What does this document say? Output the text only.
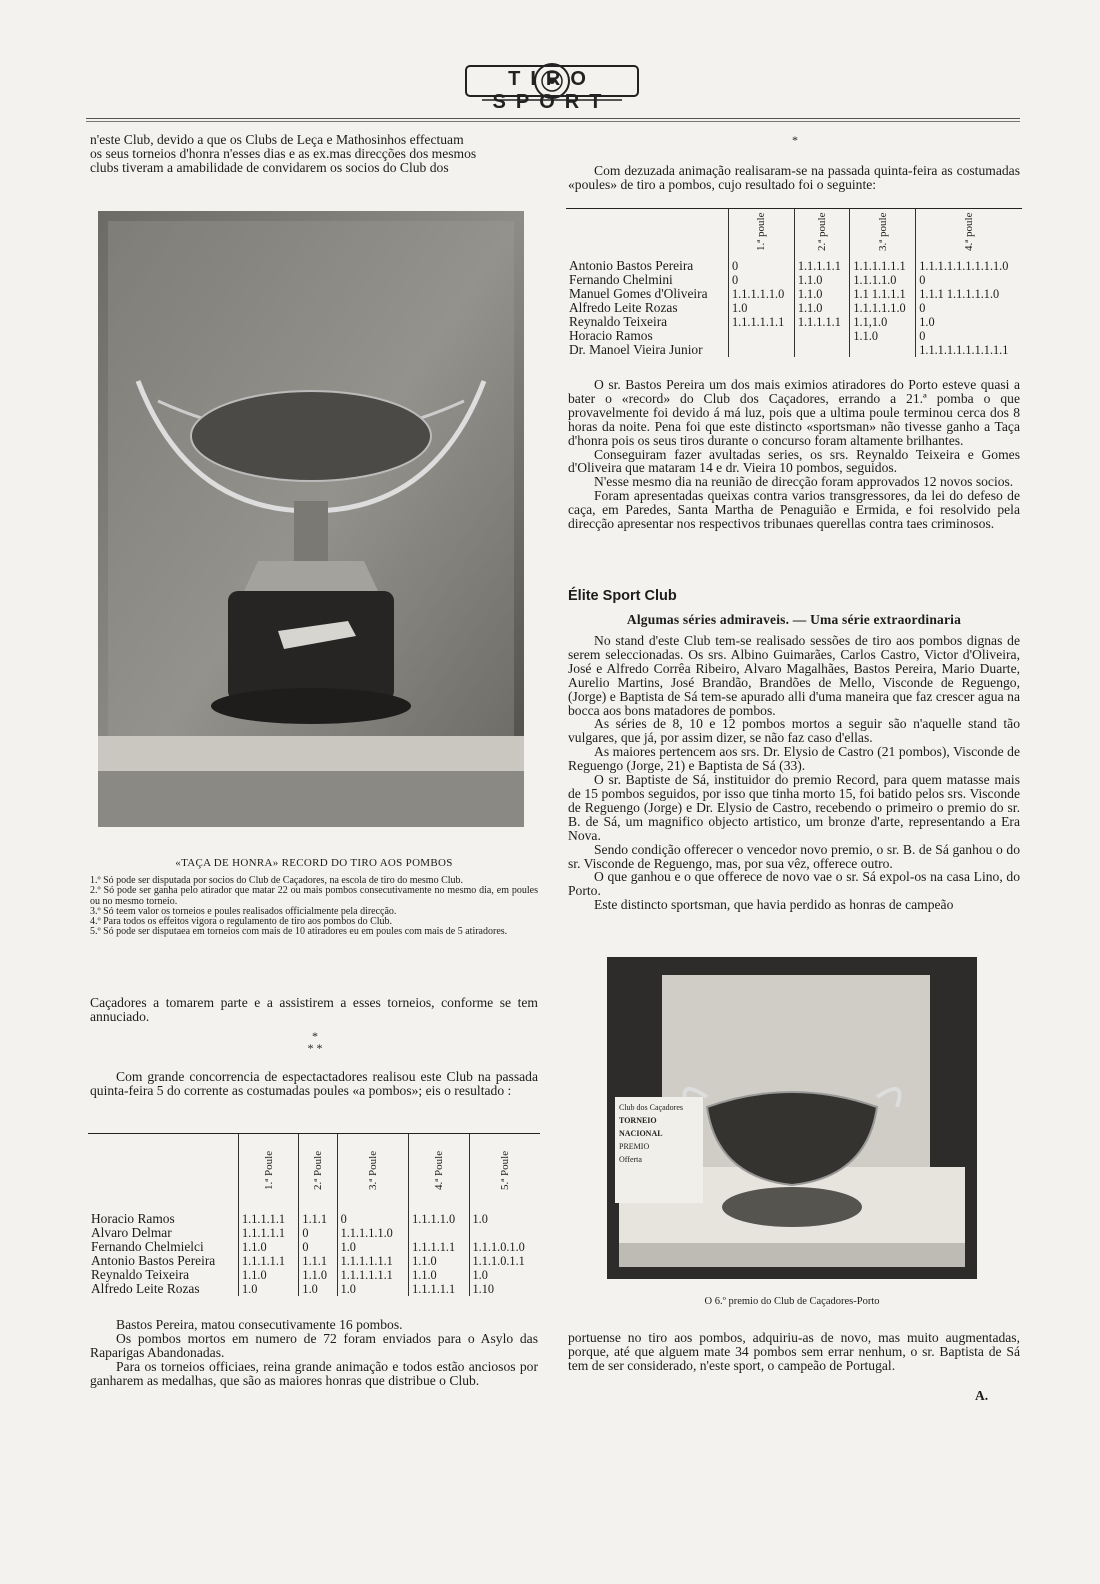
TIRO SPORT
n'este Club, devido a que os Clubs de Leça e Mathosinhos effectuam
os seus torneios d'honra n'esses dias e as ex.mas direcções dos mesmos
clubs tiveram a amabilidade de convidarem os socios do Club dos
«TAÇA DE HONRA» RECORD DO TIRO AOS POMBOS

1.º Só pode ser disputada por socios do Club de Caçadores, na escola de tiro do mesmo Club.

2.º Só pode ser ganha pelo atirador que matar 22 ou mais pombos consecutivamente no mesmo dia, em poules ou no mesmo torneio.

3.º Só teem valor os torneios e poules realisados officialmente pela direcção.

4.º Para todos os effeitos vigora o regulamento de tiro aos pombos do Club.

5.º Só pode ser disputaea em torneios com mais de 10 atiradores eu em poules com mais de 5 atiradores.

Caçadores a tomarem parte e a assistirem a esses torneios, conforme se tem annuciado.
*
* *
Com grande concorrencia de espectactadores realisou este Club na passada quinta-feira 5 do corrente as costumadas poules «a pombos»; eis o resultado :
	1.ª Poule	2.ª Poule	3.ª Poule	4.ª Poule	5.ª Poule
Horacio Ramos	1.1.1.1.1	1.1.1	0	1.1.1.1.0	1.0
Alvaro Delmar	1.1.1.1.1	0	1.1.1.1.1.0		
Fernando Chelmielci	1.1.0	0	1.0	1.1.1.1.1	1.1.1.0.1.0
Antonio Bastos Pereira	1.1.1.1.1	1.1.1	1.1.1.1.1.1	1.1.0	1.1.1.0.1.1
Reynaldo Teixeira	1.1.0	1.1.0	1.1.1.1.1.1	1.1.0	1.0
Alfredo Leite Rozas	1.0	1.0	1.0	1.1.1.1.1	1.10

Bastos Pereira, matou consecutivamente 16 pombos.

Os pombos mortos em numero de 72 foram enviados para o Asylo das Raparigas Abandonadas.

Para os torneios officiaes, reina grande animação e todos estão anciosos por ganharem as medalhas, que são as maiores honras que distribue o Club.

*
Com dezuzada animação realisaram-se na passada quinta-feira as costumadas «poules» de tiro a pombos, cujo resultado foi o seguinte:
	1.ª poule	2.ª poule	3.ª poule	4.ª poule
Antonio Bastos Pereira	0	1.1.1.1.1	1.1.1.1.1.1	1.1.1.1.1.1.1.1.1.0
Fernando Chelmini	0	1.1.0	1.1.1.1.0	0
Manuel Gomes d'Oliveira	1.1.1.1.1.0	1.1.0	1.1 1.1.1.1	1.1.1 1.1.1.1.1.0
Alfredo Leite Rozas	1.0	1.1.0	1.1.1.1.1.0	0
Reynaldo Teixeira	1.1.1.1.1.1	1.1.1.1.1	1.1,1.0	1.0
Horacio Ramos			1.1.0	0
Dr. Manoel Vieira Junior				1.1.1.1.1.1.1.1.1.1

O sr. Bastos Pereira um dos mais eximios atiradores do Porto esteve quasi a bater o «record» do Club dos Caçadores, errando a 21.ª pomba o que provavelmente foi devido á má luz, pois que a ultima poule terminou cerca dos 8 horas da noite. Pena foi que este distincto «sportsman» não tivesse ganho a Taça d'honra pois os seus tiros durante o concurso foram altamente brilhantes.

Conseguiram fazer avultadas series, os srs. Reynaldo Teixeira e Gomes d'Oliveira que mataram 14 e dr. Vieira 10 pombos, seguidos.

N'esse mesmo dia na reunião de direcção foram approvados 12 novos socios.

Foram apresentadas queixas contra varios transgressores, da lei do defeso de caça, em Paredes, Santa Martha de Penaguião e Ermida, e foi resolvido pela direcção apresentar nos respectivos tribunaes querellas contra taes criminosos.

Élite Sport Club
Algumas séries admiraveis. — Uma série extraordinaria

No stand d'este Club tem-se realisado sessões de tiro aos pombos dignas de serem seleccionadas. Os srs. Albino Guimarães, Carlos Castro, Victor d'Oliveira, José e Alfredo Corrêa Ribeiro, Alvaro Magalhães, Bastos Pereira, Mario Duarte, Aurelio Martins, José Brandão, Brandões de Mello, Visconde de Reguengo, (Jorge) e Baptista de Sá tem-se apurado alli d'uma maneira que faz crescer agua na bocca aos bons matadores de pombos.

As séries de 8, 10 e 12 pombos mortos a seguir são n'aquelle stand tão vulgares, que já, por assim dizer, se não faz caso d'ellas.

As maiores pertencem aos srs. Dr. Elysio de Castro (21 pombos), Visconde de Reguengo (Jorge, 21) e Baptista de Sá (33).

O sr. Baptiste de Sá, instituidor do premio Record, para quem matasse mais de 15 pombos seguidos, por isso que tinha morto 15, foi batido pelos srs. Visconde de Reguengo (Jorge) e Dr. Elysio de Castro, recebendo o primeiro o premio do sr. B. de Sá, um magnifico objecto artistico, um bronze d'arte, representando a Era Nova.

Sendo condição offerecer o vencedor novo premio, o sr. B. de Sá ganhou o do sr. Visconde de Reguengo, mas, por sua vêz, offerece outro.

O que ganhou e o que offerece de novo vae o sr. Sá expol-os na casa Lino, do Porto.

Este distincto sportsman, que havia perdido as honras de campeão

Club dos Caçadores
TORNEIO NACIONAL
PREMIO
Offerta
O 6.º premio do Club de Caçadores-Porto
portuense no tiro aos pombos, adquiriu-as de novo, mas muito augmentadas, porque, até que alguem mate 34 pombos sem errar nenhum, o sr. Baptista de Sá tem de ser considerado, n'este sport, o campeão de Portugal.
A.
